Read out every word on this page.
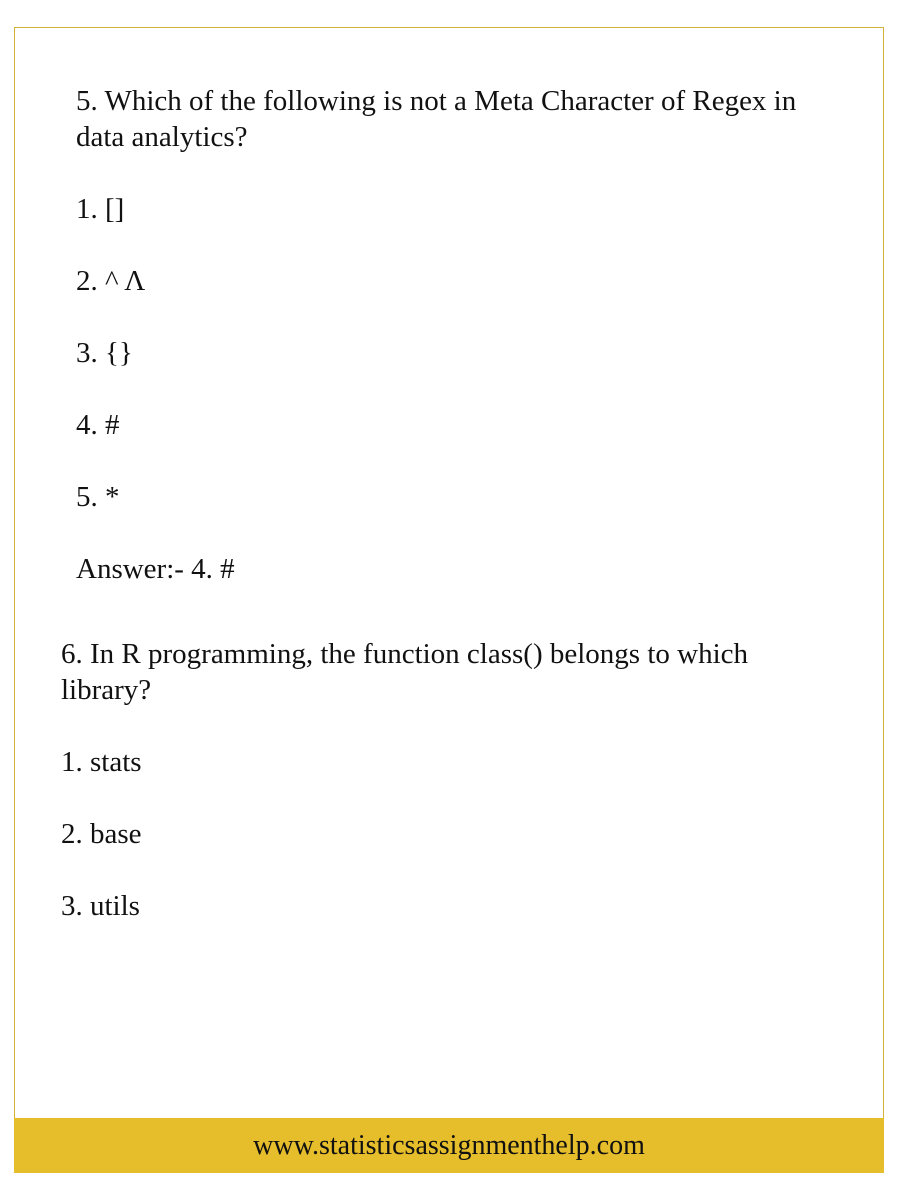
5. Which of the following is not a Meta Character of Regex in

data analytics?

1. []

2. ^ Λ

3. {}

4. #

5. *

Answer:- 4. #

6. In R programming, the function class() belongs to which

library?

1. stats

2. base

3. utils

www.statisticsassignmenthelp.com
